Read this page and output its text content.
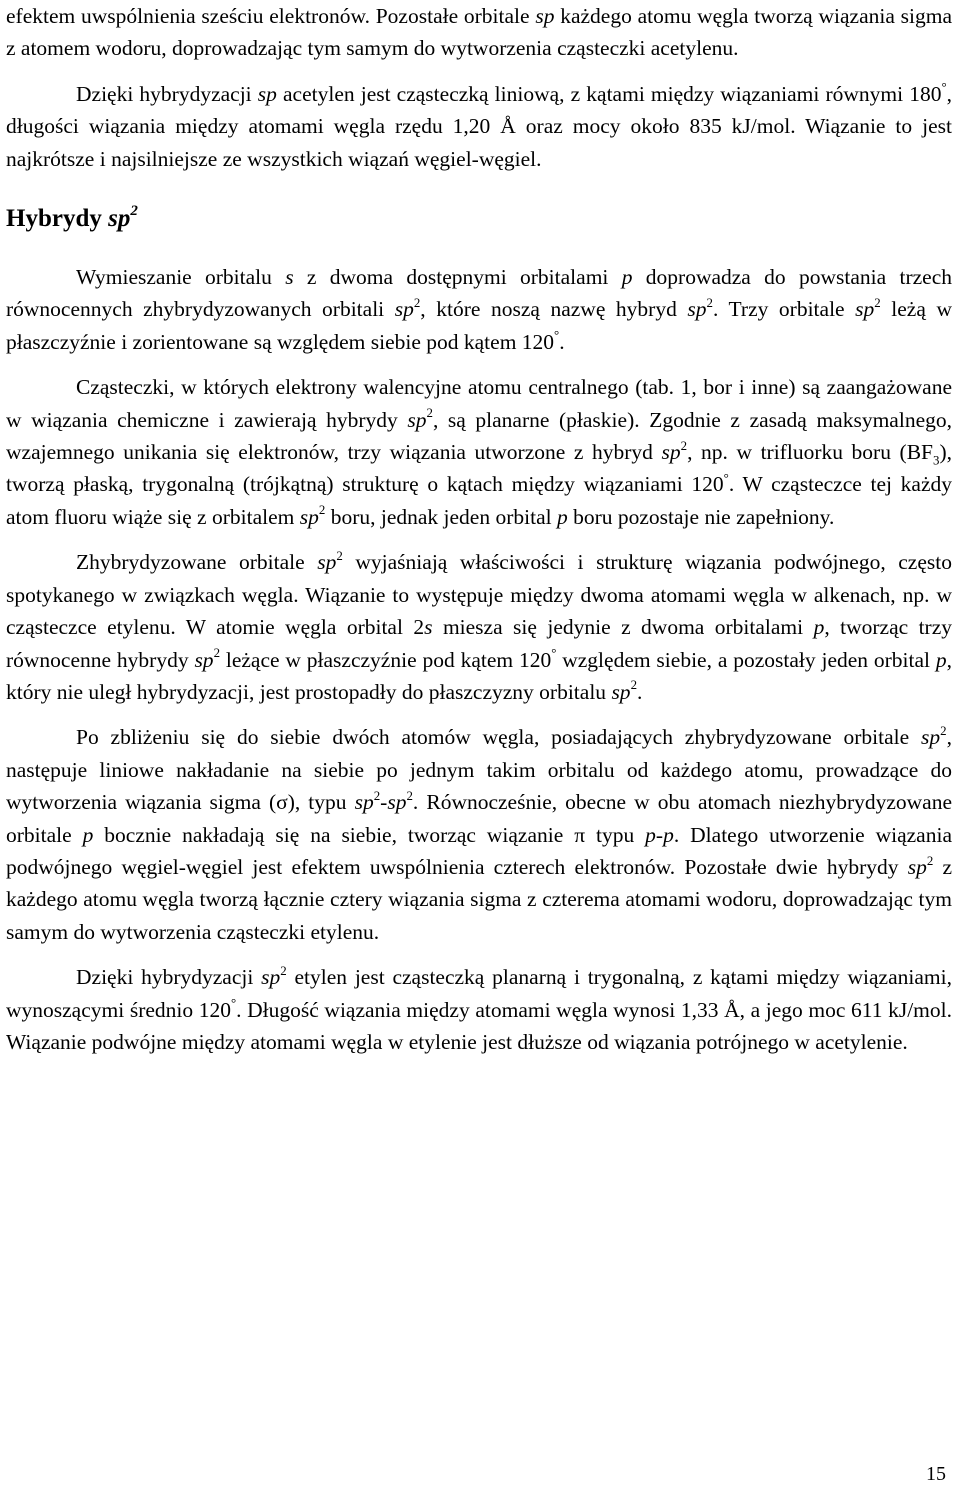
efektem uwspólnienia sześciu elektronów. Pozostałe orbitale sp każdego atomu węgla tworzą wiązania sigma z atomem wodoru, doprowadzając tym samym do wytworzenia cząsteczki acetylenu.

Dzięki hybrydyzacji sp acetylen jest cząsteczką liniową, z kątami między wiązaniami równymi 180°, długości wiązania między atomami węgla rzędu 1,20 Å oraz mocy około 835 kJ/mol. Wiązanie to jest najkrótsze i najsilniejsze ze wszystkich wiązań węgiel-węgiel.

Hybrydy $sp^2$

Wymieszanie orbitalu s z dwoma dostępnymi orbitalami p doprowadza do powstania trzech równocennych zhybrydyzowanych orbitali $sp^2$, które noszą nazwę hybryd $sp^2$. Trzy orbitale $sp^2$ leżą w płaszczyźnie i zorientowane są względem siebie pod kątem 120°.

Cząsteczki, w których elektrony walencyjne atomu centralnego (tab. 1, bor i inne) są zaangażowane w wiązania chemiczne i zawierają hybrydy $sp^2$, są planarne (płaskie). Zgodnie z zasadą maksymalnego, wzajemnego unikania się elektronów, trzy wiązania utworzone z hybryd $sp^2$, np. w trifluorku boru $(BF_3)$, tworzą płaską, trygonalną (trójkątną) strukturę o kątach między wiązaniami 120°. W cząsteczce tej każdy atom fluoru wiąże się z orbitalem $sp^2$ boru, jednak jeden orbital p boru pozostaje nie zapełniony.

Zhybrydyzowane orbitale $sp^2$ wyjaśniają właściwości i strukturę wiązania podwójnego, często spotykanego w związkach węgla. Wiązanie to występuje między dwoma atomami węgla w alkenach, np. w cząsteczce etylenu. W atomie węgla orbital 2s miesza się jedynie z dwoma orbitalami p, tworząc trzy równocenne hybrydy $sp^2$ leżące w płaszczyźnie pod kątem 120° względem siebie, a pozostały jeden orbital p, który nie uległ hybrydyzacji, jest prostopadły do płaszczyzny orbitalu $sp^2$.

Po zbliżeniu się do siebie dwóch atomów węgla, posiadających zhybrydyzowane orbitale $sp^2$, następuje liniowe nakładanie na siebie po jednym takim orbitalu od każdego atomu, prowadzące do wytworzenia wiązania sigma (σ), typu $sp^2-sp^2$. Równocześnie, obecne w obu atomach niezhybrydyzowane orbitale p bocznie nakładają się na siebie, tworząc wiązanie π typu p-p. Dlatego utworzenie wiązania podwójnego węgiel-węgiel jest efektem uwspólnienia czterech elektronów. Pozostałe dwie hybrydy $sp^2$ z każdego atomu węgla tworzą łącznie cztery wiązania sigma z czterema atomami wodoru, doprowadzając tym samym do wytworzenia cząsteczki etylenu.

Dzięki hybrydyzacji $sp^2$ etylen jest cząsteczką planarną i trygonalną, z kątami między wiązaniami, wynoszącymi średnio 120°. Długość wiązania między atomami węgla wynosi 1,33 Å, a jego moc 611 kJ/mol. Wiązanie podwójne między atomami węgla w etylenie jest dłuższe od wiązania potrójnego w acetylenie.

15
